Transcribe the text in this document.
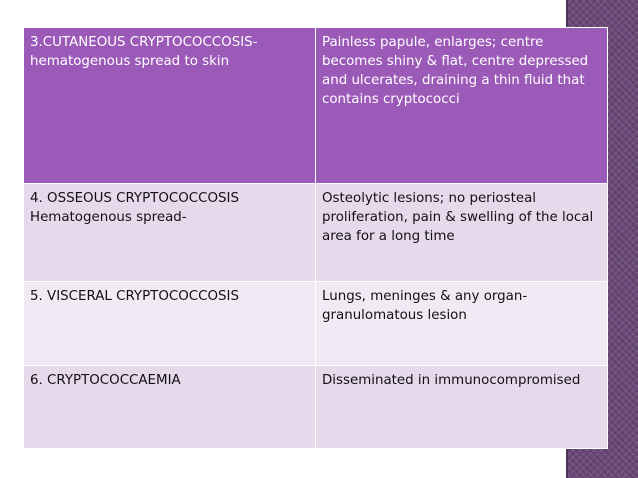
3.CUTANEOUS CRYPTOCOCCOSIS-
hematogenous spread to skin	Painless papule, enlarges; centre becomes shiny & flat, centre depressed and ulcerates, draining a thin fluid that contains cryptococci
4. OSSEOUS CRYPTOCOCCOSIS
Hematogenous spread-	Osteolytic lesions; no periosteal proliferation, pain & swelling of the local area for a long time
5. VISCERAL CRYPTOCOCCOSIS	Lungs, meninges & any organ-granulomatous lesion
6. CRYPTOCOCCAEMIA	Disseminated in immunocompromised
